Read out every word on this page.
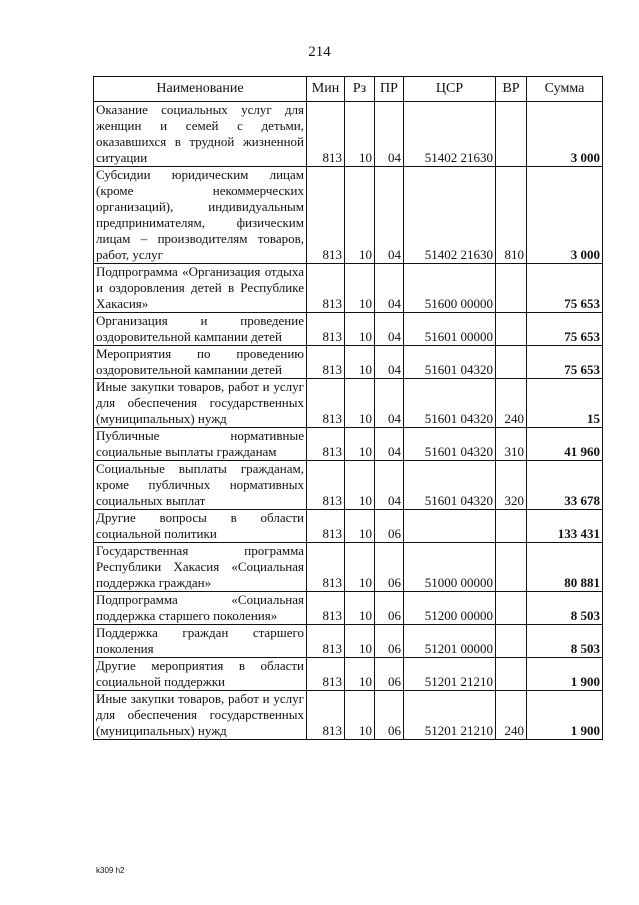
214
Наименование	Мин	Рз	ПР	ЦСР	ВР	Сумма
Оказание социальных услуг для женщин и семей с детьми, оказавшихся в трудной жизненной ситуации	813	10	04	51402 21630		3 000
Субсидии юридическим лицам (кроме некоммерческих организаций), индивидуальным предпринимателям, физическим лицам – производителям товаров, работ, услуг	813	10	04	51402 21630	810	3 000
Подпрограмма «Организация отдыха и оздоровления детей в Республике Хакасия»	813	10	04	51600 00000		75 653
Организация и проведение оздоровительной кампании детей	813	10	04	51601 00000		75 653
Мероприятия по проведению оздоровительной кампании детей	813	10	04	51601 04320		75 653
Иные закупки товаров, работ и услуг для обеспечения государственных (муниципальных) нужд	813	10	04	51601 04320	240	15
Публичные нормативные социальные выплаты гражданам	813	10	04	51601 04320	310	41 960
Социальные выплаты гражданам, кроме публичных нормативных социальных выплат	813	10	04	51601 04320	320	33 678
Другие вопросы в области социальной политики	813	10	06			133 431
Государственная программа Республики Хакасия «Социальная поддержка граждан»	813	10	06	51000 00000		80 881
Подпрограмма «Социальная поддержка старшего поколения»	813	10	06	51200 00000		8 503
Поддержка граждан старшего поколения	813	10	06	51201 00000		8 503
Другие мероприятия в области социальной поддержки	813	10	06	51201 21210		1 900
Иные закупки товаров, работ и услуг для обеспечения государственных (муниципальных) нужд	813	10	06	51201 21210	240	1 900
k309 h2
